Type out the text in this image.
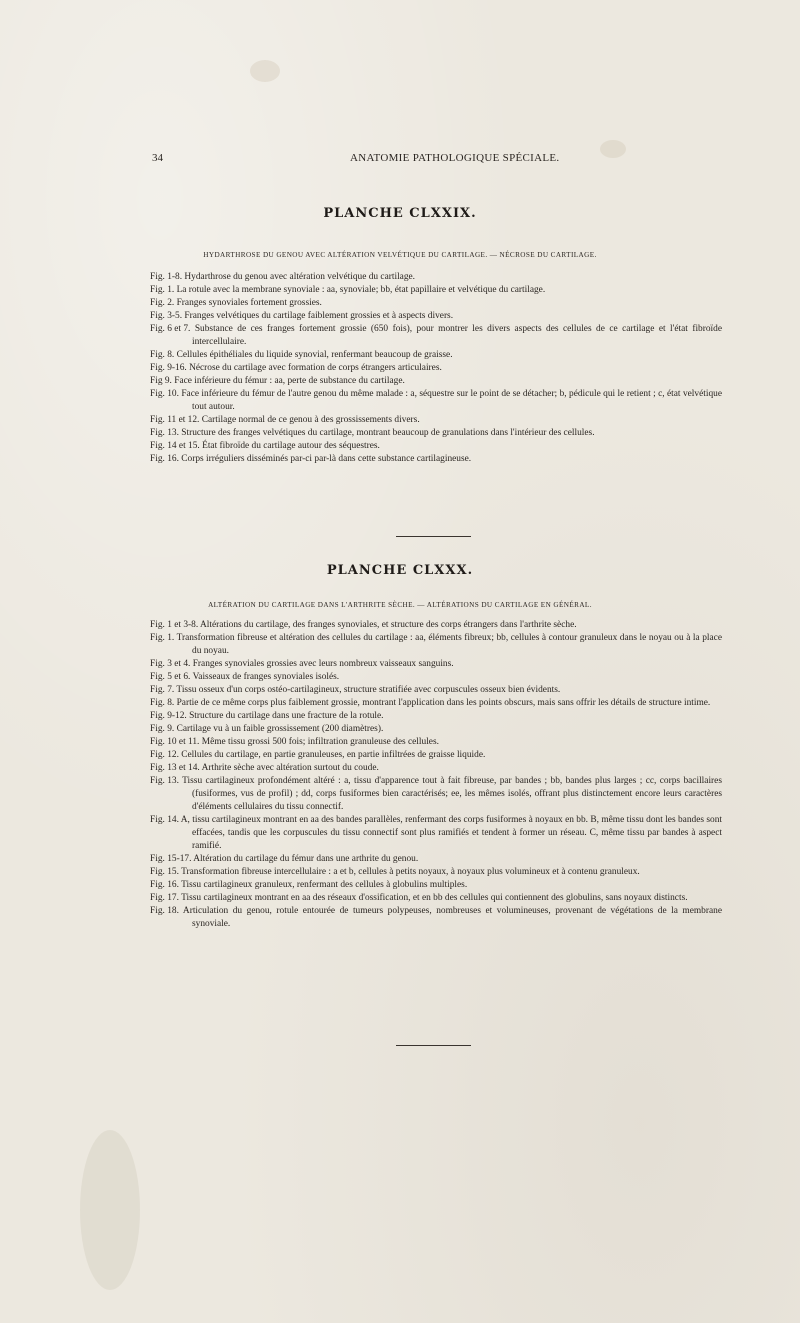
34	ANATOMIE PATHOLOGIQUE SPÉCIALE.
PLANCHE CLXXIX.
HYDARTHROSE DU GENOU AVEC ALTÉRATION VELVÉTIQUE DU CARTILAGE. — NÉCROSE DU CARTILAGE.
Fig. 1-8. Hydarthrose du genou avec altération velvétique du cartilage.
Fig. 1. La rotule avec la membrane synoviale : aa, synoviale; bb, état papillaire et velvétique du cartilage.
Fig. 2. Franges synoviales fortement grossies.
Fig. 3-5. Franges velvétiques du cartilage faiblement grossies et à aspects divers.
Fig. 6 et 7. Substance de ces franges fortement grossie (650 fois), pour montrer les divers aspects des cellules de ce cartilage et l'état fibroïde intercellulaire.
Fig. 8. Cellules épithéliales du liquide synovial, renfermant beaucoup de graisse.
Fig. 9-16. Nécrose du cartilage avec formation de corps étrangers articulaires.
Fig 9. Face inférieure du fémur : aa, perte de substance du cartilage.
Fig. 10. Face inférieure du fémur de l'autre genou du même malade : a, séquestre sur le point de se détacher; b, pédicule qui le retient ; c, état velvétique tout autour.
Fig. 11 et 12. Cartilage normal de ce genou à des grossissements divers.
Fig. 13. Structure des franges velvétiques du cartilage, montrant beaucoup de granulations dans l'intérieur des cellules.
Fig. 14 et 15. État fibroïde du cartilage autour des séquestres.
Fig. 16. Corps irréguliers disséminés par-ci par-là dans cette substance cartilagineuse.
PLANCHE CLXXX.
ALTÉRATION DU CARTILAGE DANS L'ARTHRITE SÈCHE. — ALTÉRATIONS DU CARTILAGE EN GÉNÉRAL.
Fig. 1 et 3-8. Altérations du cartilage, des franges synoviales, et structure des corps étrangers dans l'arthrite sèche.
Fig. 1. Transformation fibreuse et altération des cellules du cartilage : aa, éléments fibreux; bb, cellules à contour granuleux dans le noyau ou à la place du noyau.
Fig. 3 et 4. Franges synoviales grossies avec leurs nombreux vaisseaux sanguins.
Fig. 5 et 6. Vaisseaux de franges synoviales isolés.
Fig. 7. Tissu osseux d'un corps ostéo-cartilagineux, structure stratifiée avec corpuscules osseux bien évidents.
Fig. 8. Partie de ce même corps plus faiblement grossie, montrant l'application dans les points obscurs, mais sans offrir les détails de structure intime.
Fig. 9-12. Structure du cartilage dans une fracture de la rotule.
Fig. 9. Cartilage vu à un faible grossissement (200 diamètres).
Fig. 10 et 11. Même tissu grossi 500 fois; infiltration granuleuse des cellules.
Fig. 12. Cellules du cartilage, en partie granuleuses, en partie infiltrées de graisse liquide.
Fig. 13 et 14. Arthrite sèche avec altération surtout du coude.
Fig. 13. Tissu cartilagineux profondément altéré : a, tissu d'apparence tout à fait fibreuse, par bandes ; bb, bandes plus larges ; cc, corps bacillaires (fusiformes, vus de profil) ; dd, corps fusiformes bien caractérisés; ee, les mêmes isolés, offrant plus distinctement encore leurs caractères d'éléments cellulaires du tissu connectif.
Fig. 14. A, tissu cartilagineux montrant en aa des bandes parallèles, renfermant des corps fusiformes à noyaux en bb. B, même tissu dont les bandes sont effacées, tandis que les corpuscules du tissu connectif sont plus ramifiés et tendent à former un réseau. C, même tissu par bandes à aspect ramifié.
Fig. 15-17. Altération du cartilage du fémur dans une arthrite du genou.
Fig. 15. Transformation fibreuse intercellulaire : a et b, cellules à petits noyaux, à noyaux plus volumineux et à contenu granuleux.
Fig. 16. Tissu cartilagineux granuleux, renfermant des cellules à globulins multiples.
Fig. 17. Tissu cartilagineux montrant en aa des réseaux d'ossification, et en bb des cellules qui contiennent des globulins, sans noyaux distincts.
Fig. 18. Articulation du genou, rotule entourée de tumeurs polypeuses, nombreuses et volumineuses, provenant de végétations de la membrane synoviale.
